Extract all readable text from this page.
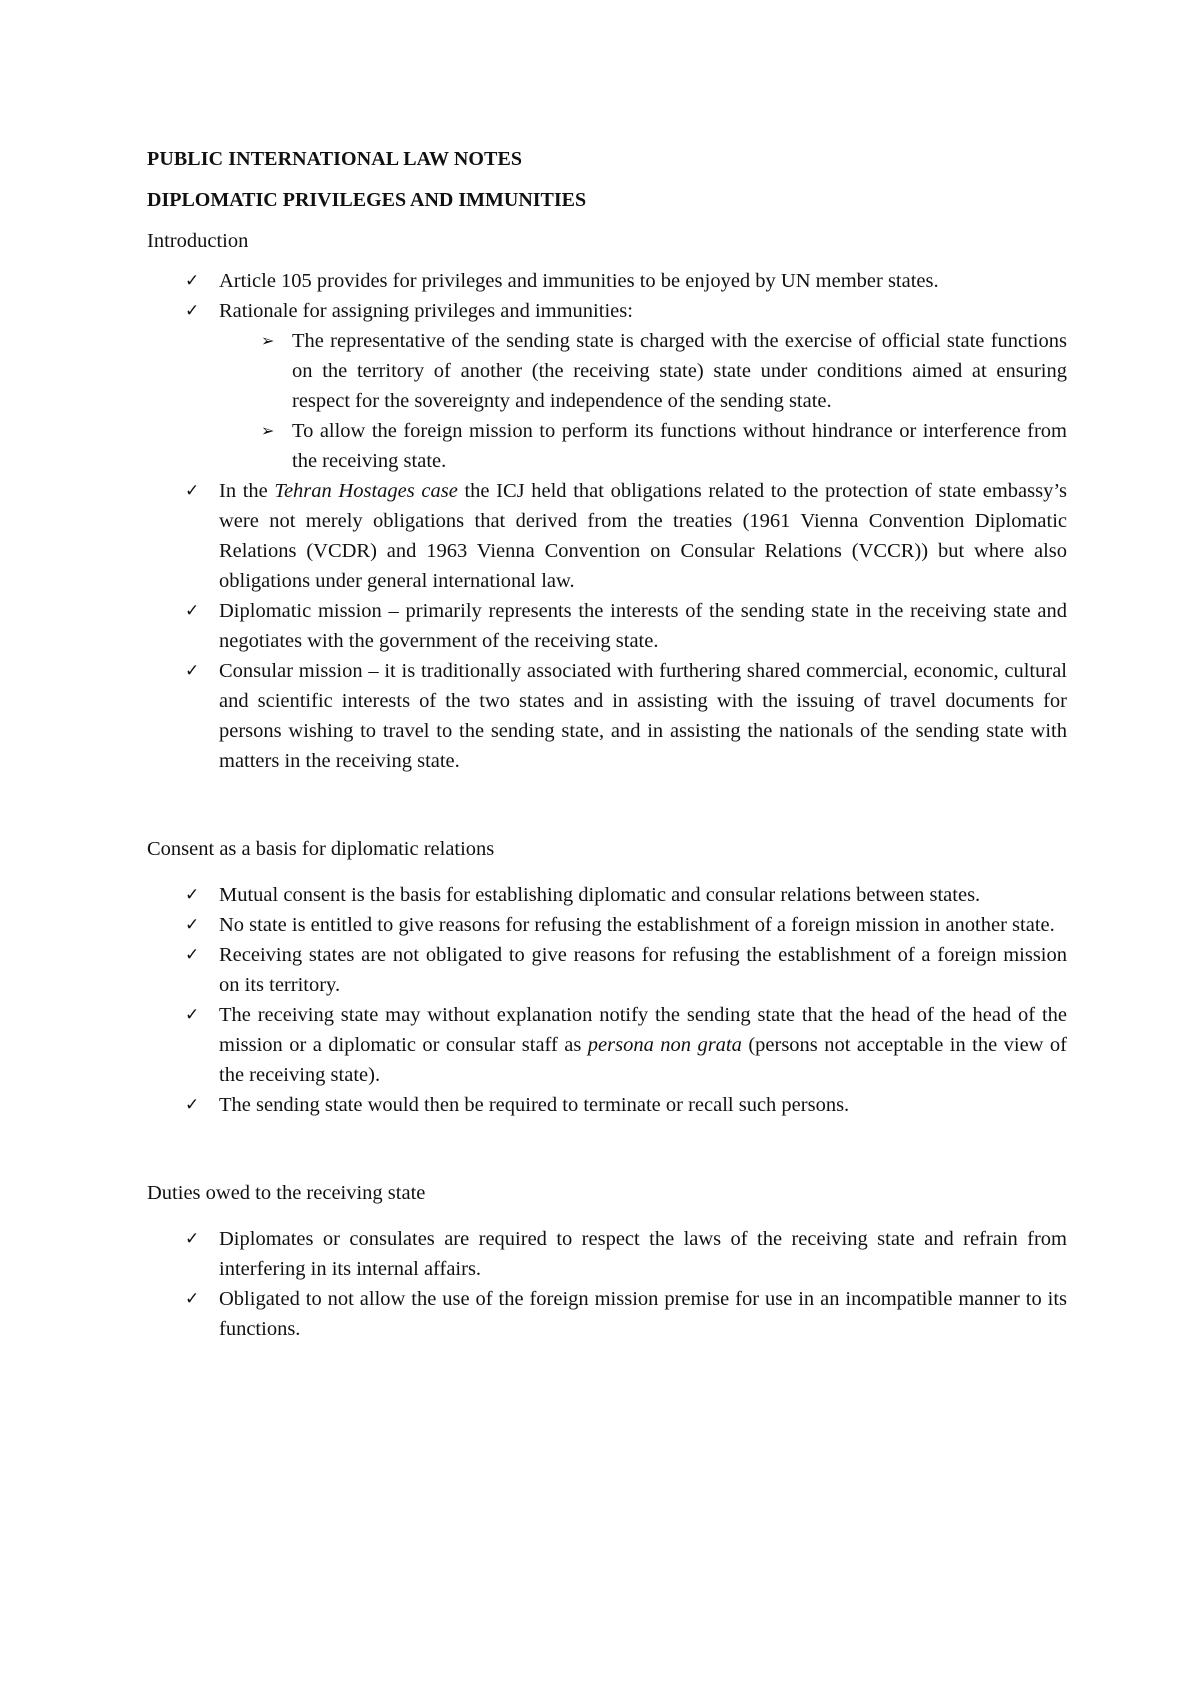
PUBLIC INTERNATIONAL LAW NOTES
DIPLOMATIC PRIVILEGES AND IMMUNITIES
Introduction
✓ Article 105 provides for privileges and immunities to be enjoyed by UN member states.
✓ Rationale for assigning privileges and immunities:
➢ The representative of the sending state is charged with the exercise of official state functions on the territory of another (the receiving state) state under conditions aimed at ensuring respect for the sovereignty and independence of the sending state.
➢ To allow the foreign mission to perform its functions without hindrance or interference from the receiving state.
✓ In the Tehran Hostages case the ICJ held that obligations related to the protection of state embassy’s were not merely obligations that derived from the treaties (1961 Vienna Convention Diplomatic Relations (VCDR) and 1963 Vienna Convention on Consular Relations (VCCR)) but where also obligations under general international law.
✓ Diplomatic mission – primarily represents the interests of the sending state in the receiving state and negotiates with the government of the receiving state.
✓ Consular mission – it is traditionally associated with furthering shared commercial, economic, cultural and scientific interests of the two states and in assisting with the issuing of travel documents for persons wishing to travel to the sending state, and in assisting the nationals of the sending state with matters in the receiving state.
Consent as a basis for diplomatic relations
✓ Mutual consent is the basis for establishing diplomatic and consular relations between states.
✓ No state is entitled to give reasons for refusing the establishment of a foreign mission in another state.
✓ Receiving states are not obligated to give reasons for refusing the establishment of a foreign mission on its territory.
✓ The receiving state may without explanation notify the sending state that the head of the head of the mission or a diplomatic or consular staff as persona non grata (persons not acceptable in the view of the receiving state).
✓ The sending state would then be required to terminate or recall such persons.
Duties owed to the receiving state
✓ Diplomates or consulates are required to respect the laws of the receiving state and refrain from interfering in its internal affairs.
✓ Obligated to not allow the use of the foreign mission premise for use in an incompatible manner to its functions.
